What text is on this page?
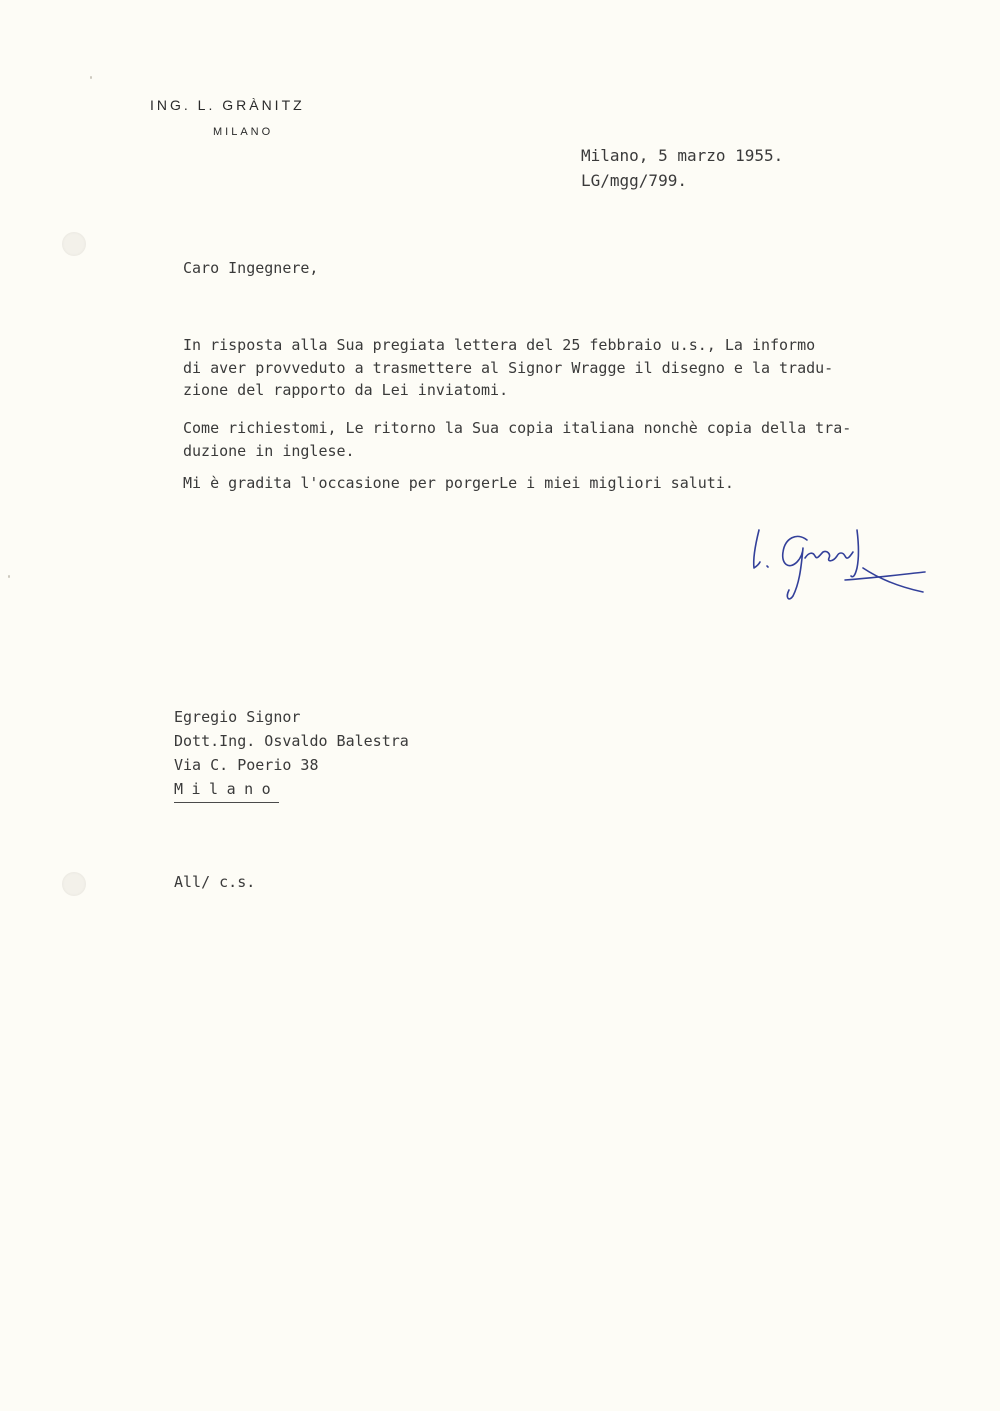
ING. L. GRÀNITZ
MILANO
Milano, 5 marzo 1955.
LG/mgg/799.
Caro Ingegnere,
In risposta alla Sua pregiata lettera del 25 febbraio u.s., La informo
di aver provveduto a trasmettere al Signor Wragge il disegno e la tradu-
zione del rapporto da Lei inviatomi.
Come richiestomi, Le ritorno la Sua copia italiana nonchè copia della tra-
duzione in inglese.
Mi è gradita l'occasione per porgerLe i miei migliori saluti.
Egregio Signor
Dott.Ing. Osvaldo Balestra
Via C. Poerio 38
Milano
All/ c.s.
